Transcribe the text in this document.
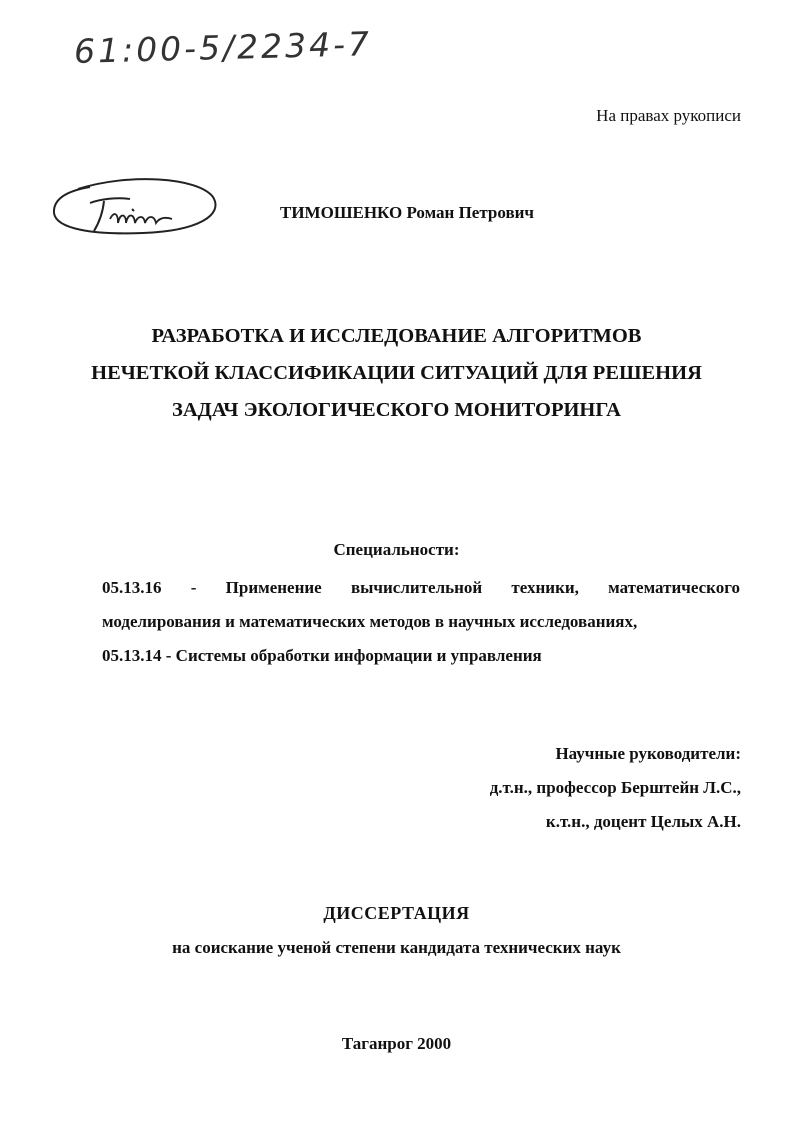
61:00-5/2234-7
На правах рукописи
ТИМОШЕНКО Роман Петрович
РАЗРАБОТКА И ИССЛЕДОВАНИЕ АЛГОРИТМОВ
НЕЧЕТКОЙ КЛАССИФИКАЦИИ СИТУАЦИЙ ДЛЯ РЕШЕНИЯ
ЗАДАЧ ЭКОЛОГИЧЕСКОГО МОНИТОРИНГА
Специальности:
05.13.16 - Применение вычислительной техники, математического
моделирования и математических методов в научных исследованиях,
05.13.14 - Системы обработки информации и управления
Научные руководители:
д.т.н., профессор Берштейн Л.С.,
к.т.н., доцент Целых А.Н.
ДИССЕРТАЦИЯ
на соискание ученой степени кандидата технических наук
Таганрог 2000
